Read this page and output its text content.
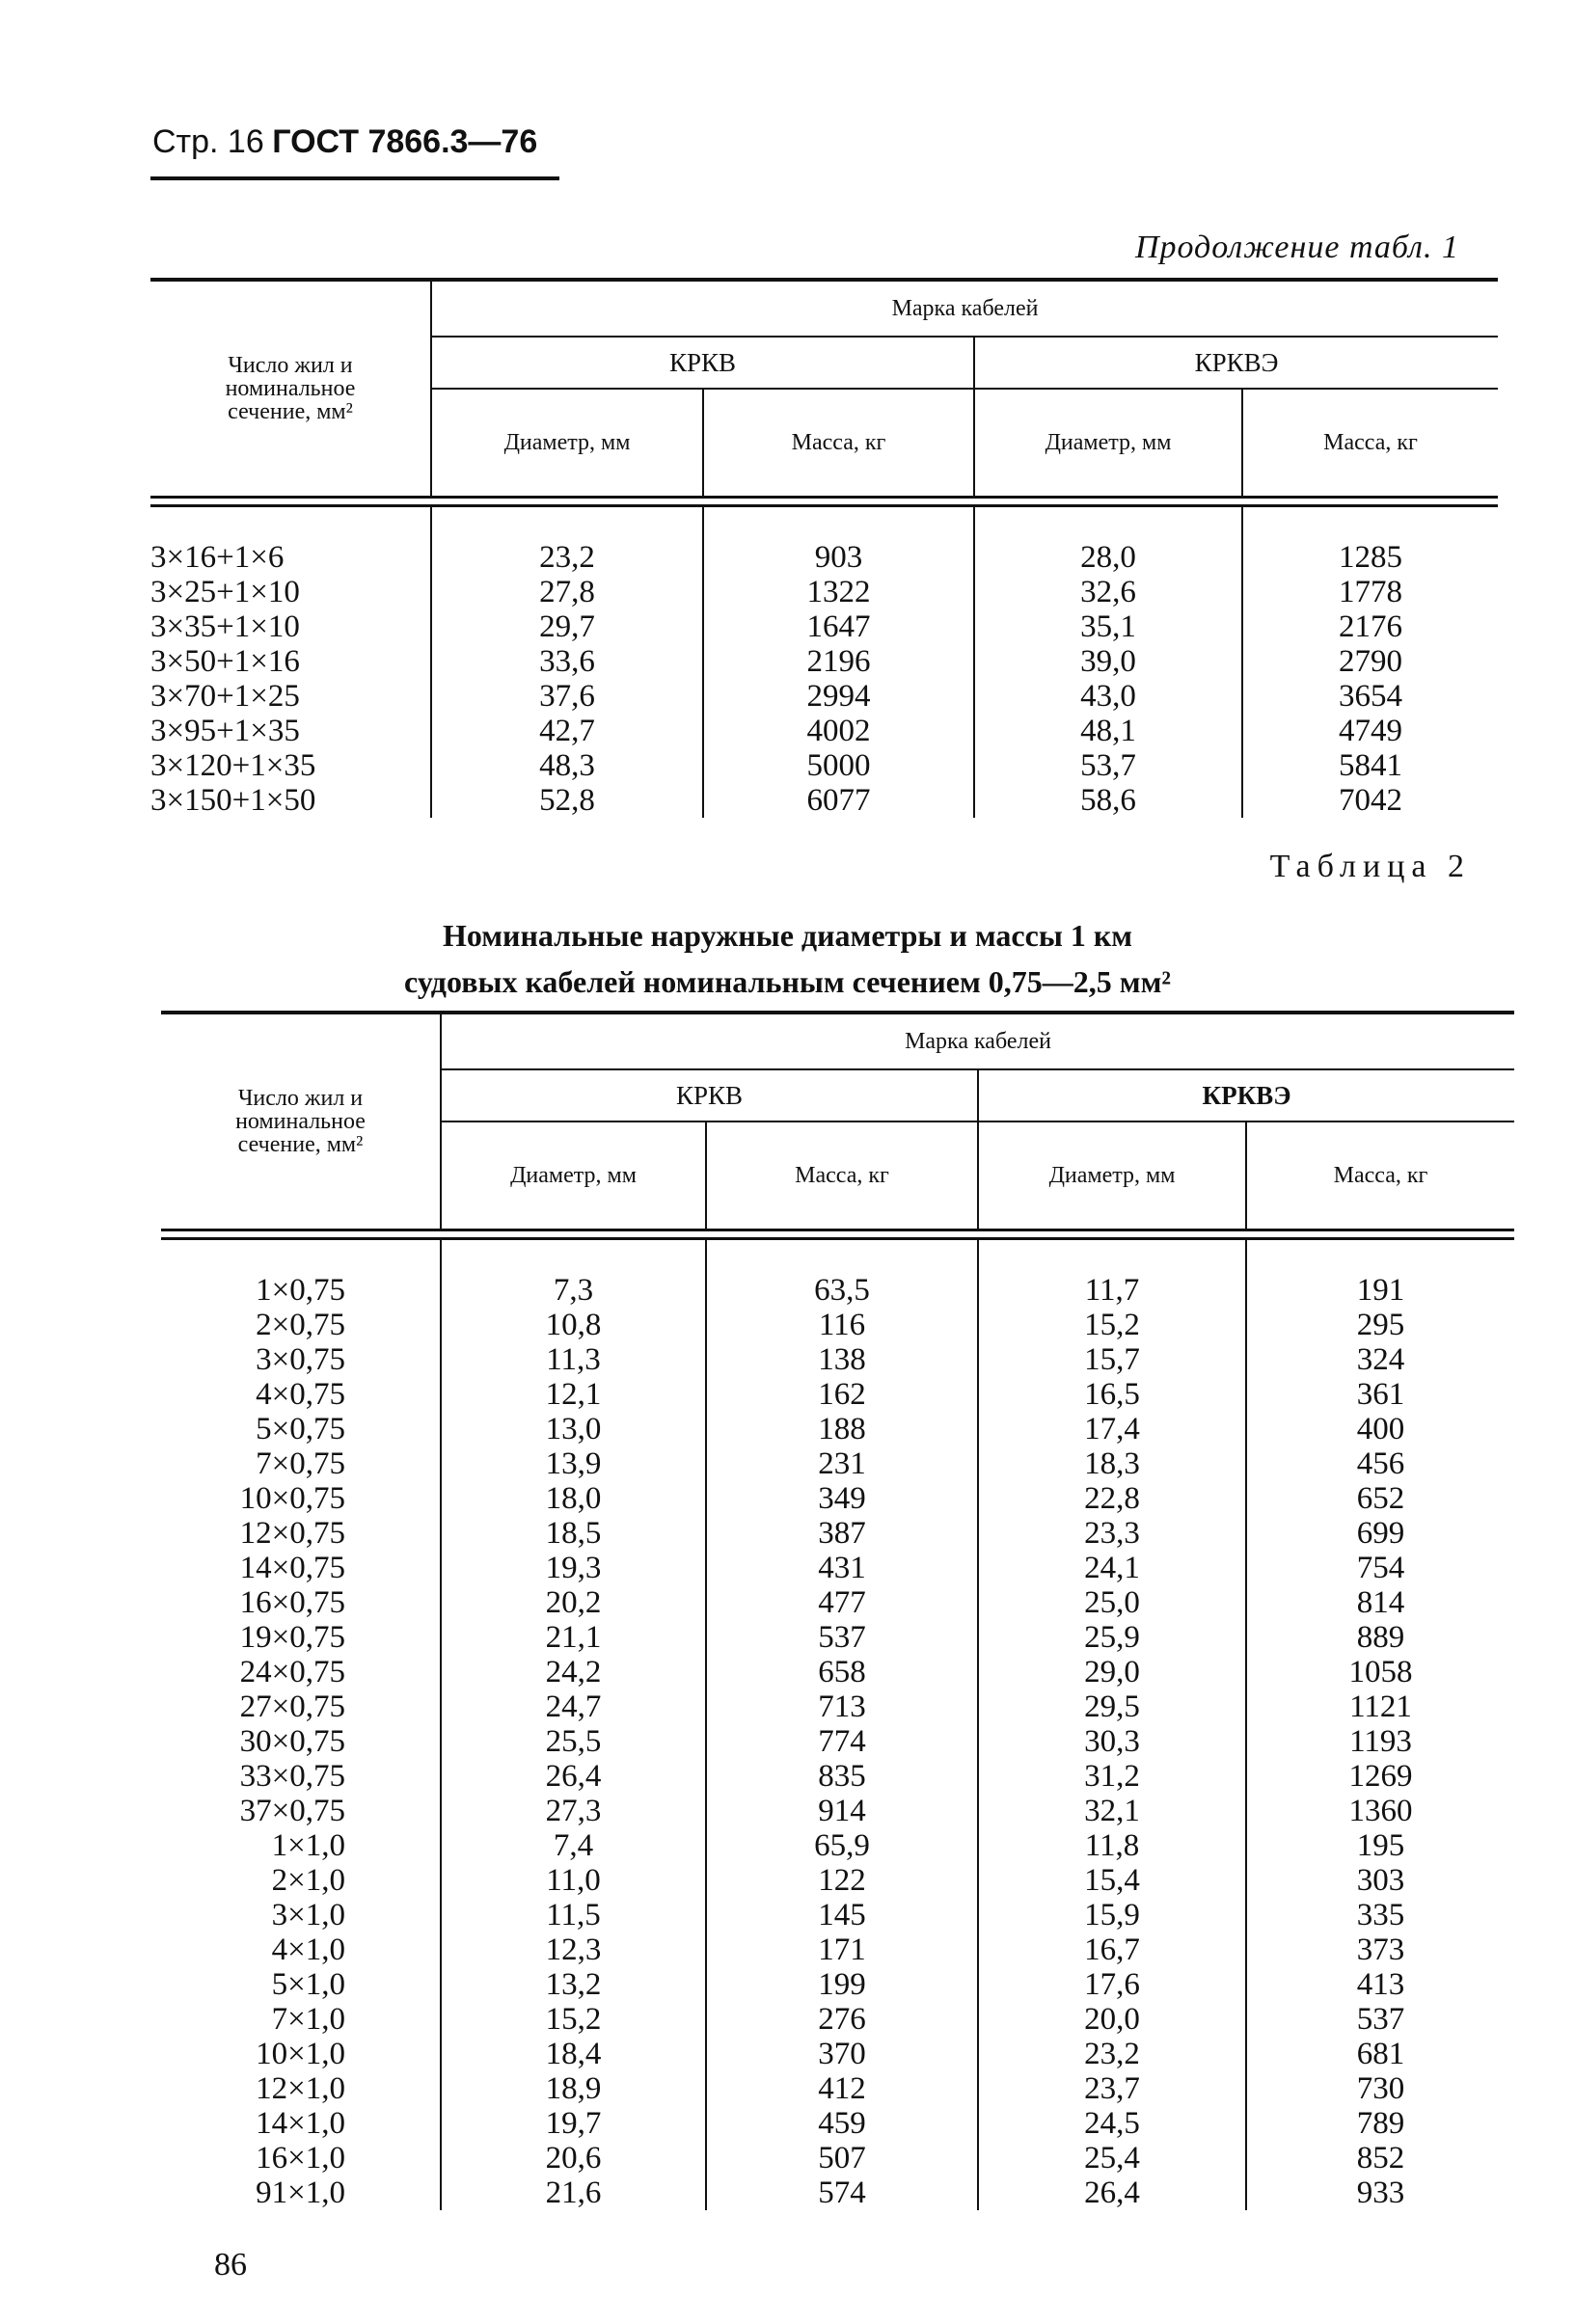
Стр. 16 ГОСТ 7866.3—76
Продолжение табл. 1
Число жил и
номинальное
сечение, мм²	Марка кабелей			
	КРКВ		КРКВЭ	
	Диаметр, мм	Масса, кг	Диаметр, мм	Масса, кг

3×16+1×6	23,2	903	28,0	1285
3×25+1×10	27,8	1322	32,6	1778
3×35+1×10	29,7	1647	35,1	2176
3×50+1×16	33,6	2196	39,0	2790
3×70+1×25	37,6	2994	43,0	3654
3×95+1×35	42,7	4002	48,1	4749
3×120+1×35	48,3	5000	53,7	5841
3×150+1×50	52,8	6077	58,6	7042
Таблица 2
Номинальные наружные диаметры и массы 1 км
судовых кабелей номинальным сечением 0,75—2,5 мм²
Число жил и
номинальное
сечение, мм²	Марка кабелей			
	КРКВ		КРКВЭ	
	Диаметр, мм	Масса, кг	Диаметр, мм	Масса, кг

1×0,75	7,3	63,5	11,7	191
2×0,75	10,8	116	15,2	295
3×0,75	11,3	138	15,7	324
4×0,75	12,1	162	16,5	361
5×0,75	13,0	188	17,4	400
7×0,75	13,9	231	18,3	456
10×0,75	18,0	349	22,8	652
12×0,75	18,5	387	23,3	699
14×0,75	19,3	431	24,1	754
16×0,75	20,2	477	25,0	814
19×0,75	21,1	537	25,9	889
24×0,75	24,2	658	29,0	1058
27×0,75	24,7	713	29,5	1121
30×0,75	25,5	774	30,3	1193
33×0,75	26,4	835	31,2	1269
37×0,75	27,3	914	32,1	1360
1×1,0	7,4	65,9	11,8	195
2×1,0	11,0	122	15,4	303
3×1,0	11,5	145	15,9	335
4×1,0	12,3	171	16,7	373
5×1,0	13,2	199	17,6	413
7×1,0	15,2	276	20,0	537
10×1,0	18,4	370	23,2	681
12×1,0	18,9	412	23,7	730
14×1,0	19,7	459	24,5	789
16×1,0	20,6	507	25,4	852
91×1,0	21,6	574	26,4	933
86
